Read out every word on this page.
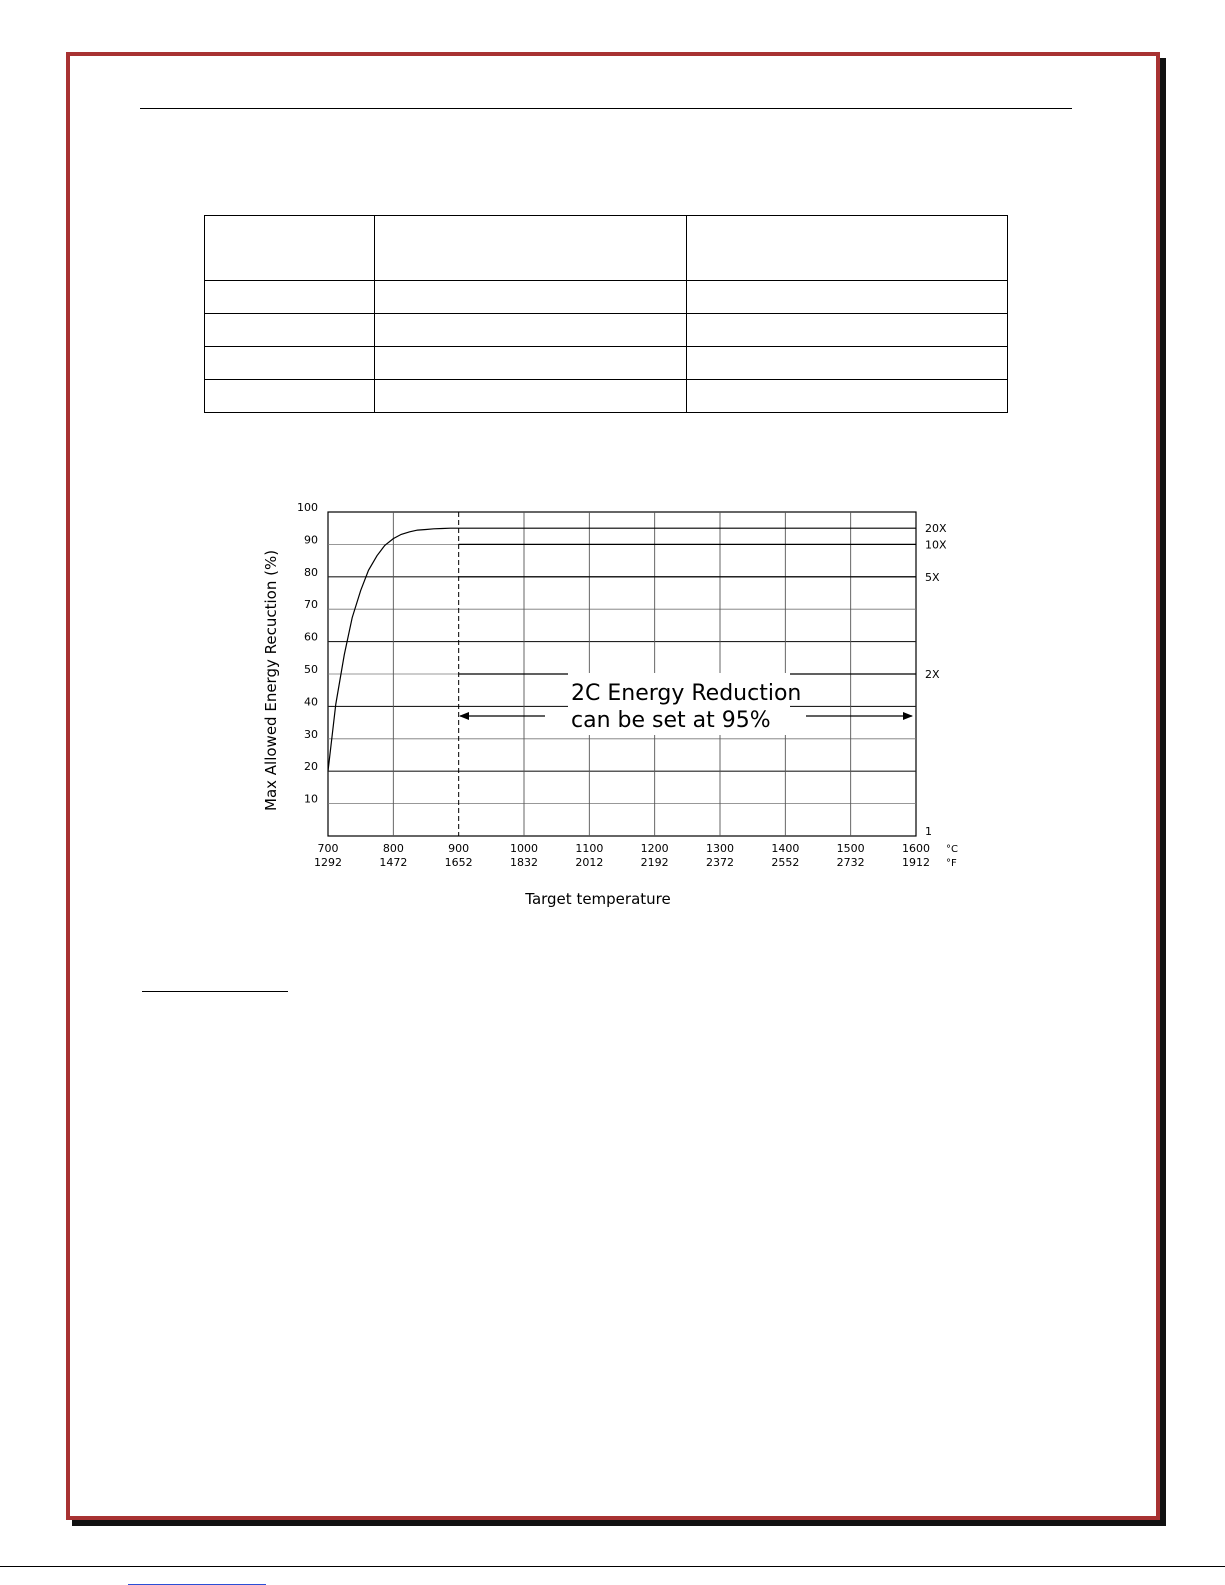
10
20
30
40
50
60
70
80
90
100
700
1292
800
1472
900
1652
1000
1832
1100
2012
1200
2192
1300
2372
1400
2552
1500
2732
1600
1912
°C
°F
20X
10X
5X
2X
1
2C Energy Reduction
can be set at 95%
Max Allowed Energy Recuction (%)
Target temperature
